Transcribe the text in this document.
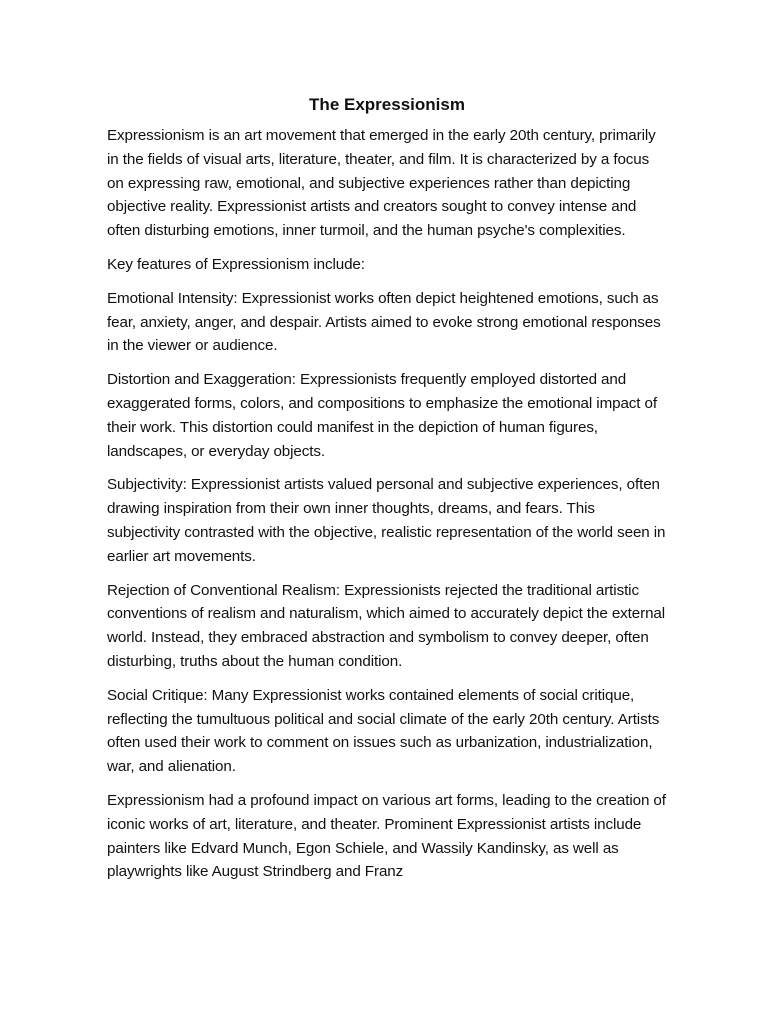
The Expressionism

Expressionism is an art movement that emerged in the early 20th century, primarily in the fields of visual arts, literature, theater, and film. It is characterized by a focus on expressing raw, emotional, and subjective experiences rather than depicting objective reality. Expressionist artists and creators sought to convey intense and often disturbing emotions, inner turmoil, and the human psyche's complexities.

Key features of Expressionism include:

Emotional Intensity: Expressionist works often depict heightened emotions, such as fear, anxiety, anger, and despair. Artists aimed to evoke strong emotional responses in the viewer or audience.

Distortion and Exaggeration: Expressionists frequently employed distorted and exaggerated forms, colors, and compositions to emphasize the emotional impact of their work. This distortion could manifest in the depiction of human figures, landscapes, or everyday objects.

Subjectivity: Expressionist artists valued personal and subjective experiences, often drawing inspiration from their own inner thoughts, dreams, and fears. This subjectivity contrasted with the objective, realistic representation of the world seen in earlier art movements.

Rejection of Conventional Realism: Expressionists rejected the traditional artistic conventions of realism and naturalism, which aimed to accurately depict the external world. Instead, they embraced abstraction and symbolism to convey deeper, often disturbing, truths about the human condition.

Social Critique: Many Expressionist works contained elements of social critique, reflecting the tumultuous political and social climate of the early 20th century. Artists often used their work to comment on issues such as urbanization, industrialization, war, and alienation.

Expressionism had a profound impact on various art forms, leading to the creation of iconic works of art, literature, and theater. Prominent Expressionist artists include painters like Edvard Munch, Egon Schiele, and Wassily Kandinsky, as well as playwrights like August Strindberg and Franz
